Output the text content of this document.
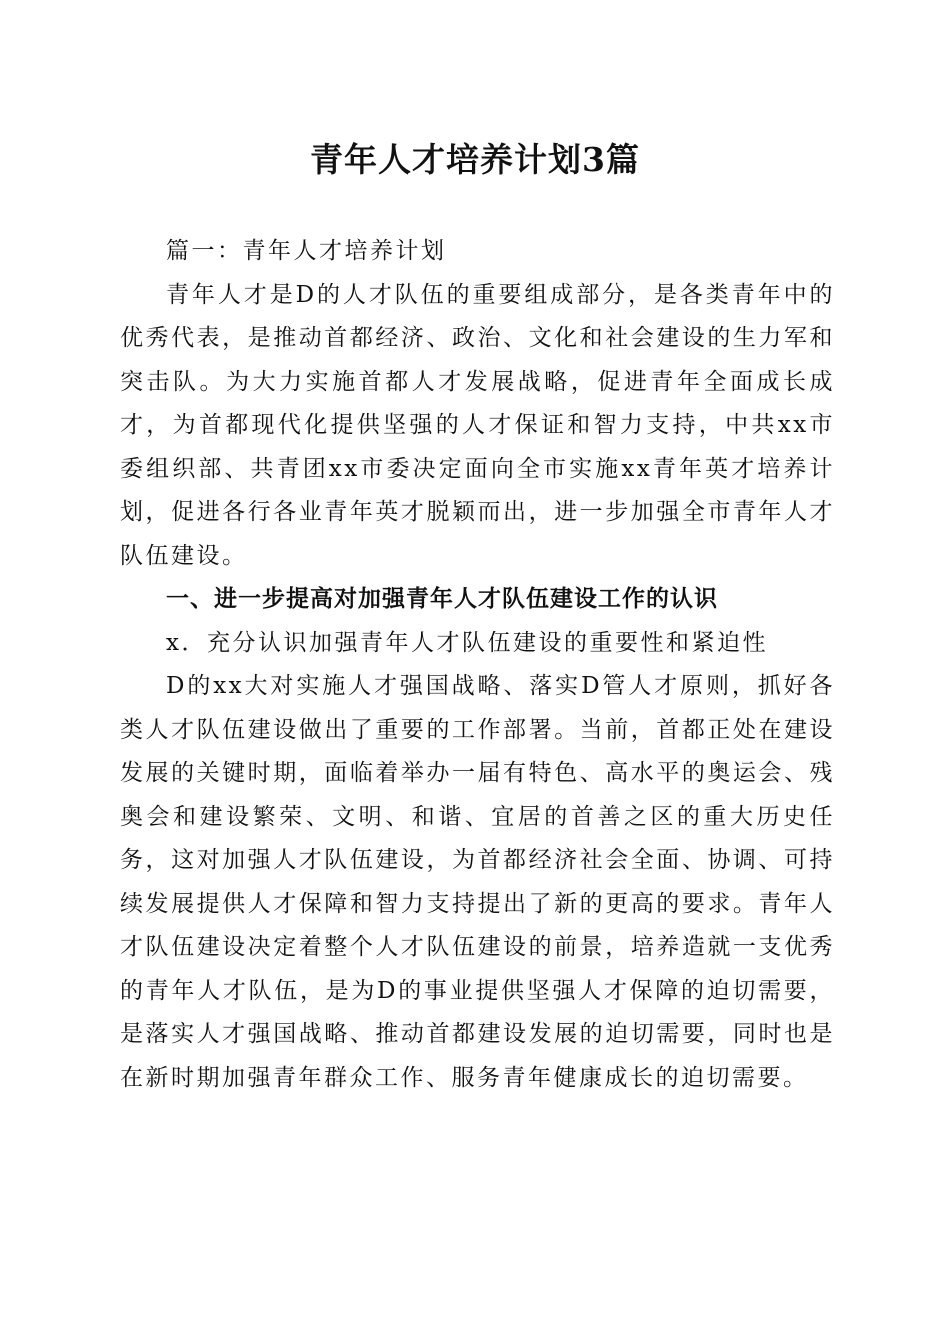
青年人才培养计划3篇

篇一：青年人才培养计划

青年人才是D的人才队伍的重要组成部分，是各类青年中的优秀代表，是推动首都经济、政治、文化和社会建设的生力军和突击队。为大力实施首都人才发展战略，促进青年全面成长成才，为首都现代化提供坚强的人才保证和智力支持，中共xx市委组织部、共青团xx市委决定面向全市实施xx青年英才培养计划，促进各行各业青年英才脱颖而出，进一步加强全市青年人才队伍建设。

一、进一步提高对加强青年人才队伍建设工作的认识

x．充分认识加强青年人才队伍建设的重要性和紧迫性

D的xx大对实施人才强国战略、落实D管人才原则，抓好各类人才队伍建设做出了重要的工作部署。当前，首都正处在建设发展的关键时期，面临着举办一届有特色、高水平的奥运会、残奥会和建设繁荣、文明、和谐、宜居的首善之区的重大历史任务，这对加强人才队伍建设，为首都经济社会全面、协调、可持续发展提供人才保障和智力支持提出了新的更高的要求。青年人才队伍建设决定着整个人才队伍建设的前景，培养造就一支优秀的青年人才队伍，是为D的事业提供坚强人才保障的迫切需要，是落实人才强国战略、推动首都建设发展的迫切需要，同时也是在新时期加强青年群众工作、服务青年健康成长的迫切需要。
